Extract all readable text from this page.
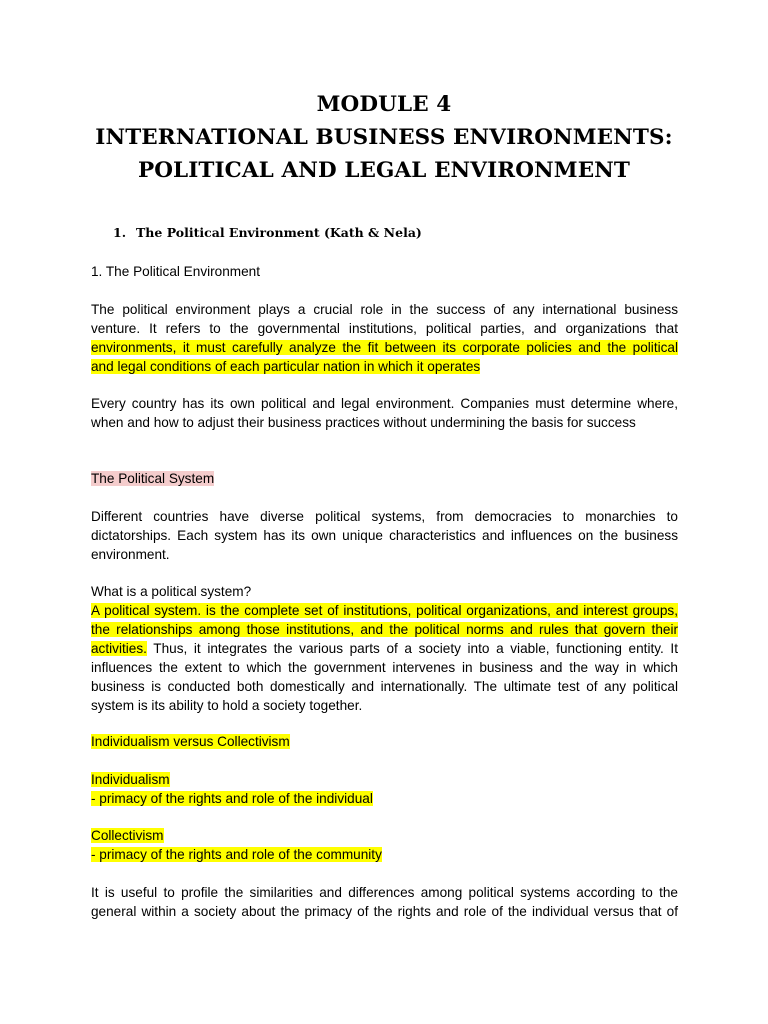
MODULE 4
INTERNATIONAL BUSINESS ENVIRONMENTS:
POLITICAL AND LEGAL ENVIRONMENT
1. The Political Environment (Kath & Nela)
1. The Political Environment
The political environment plays a crucial role in the success of any international business
venture. It refers to the governmental institutions, political parties, and organizations that
environments, it must carefully analyze the fit between its corporate policies and the political
and legal conditions of each particular nation in which it operates
Every country has its own political and legal environment. Companies must determine where,
when and how to adjust their business practices without undermining the basis for success
The Political System
Different countries have diverse political systems, from democracies to monarchies to
dictatorships. Each system has its own unique characteristics and influences on the business
environment.
What is a political system?
A political system. is the complete set of institutions, political organizations, and interest groups,
the relationships among those institutions, and the political norms and rules that govern their
activities. Thus, it integrates the various parts of a society into a viable, functioning entity. It
influences the extent to which the government intervenes in business and the way in which
business is conducted both domestically and internationally. The ultimate test of any political
system is its ability to hold a society together.
Individualism versus Collectivism
Individualism
- primacy of the rights and role of the individual
Collectivism
- primacy of the rights and role of the community
It is useful to profile the similarities and differences among political systems according to the
general within a society about the primacy of the rights and role of the individual versus that of
